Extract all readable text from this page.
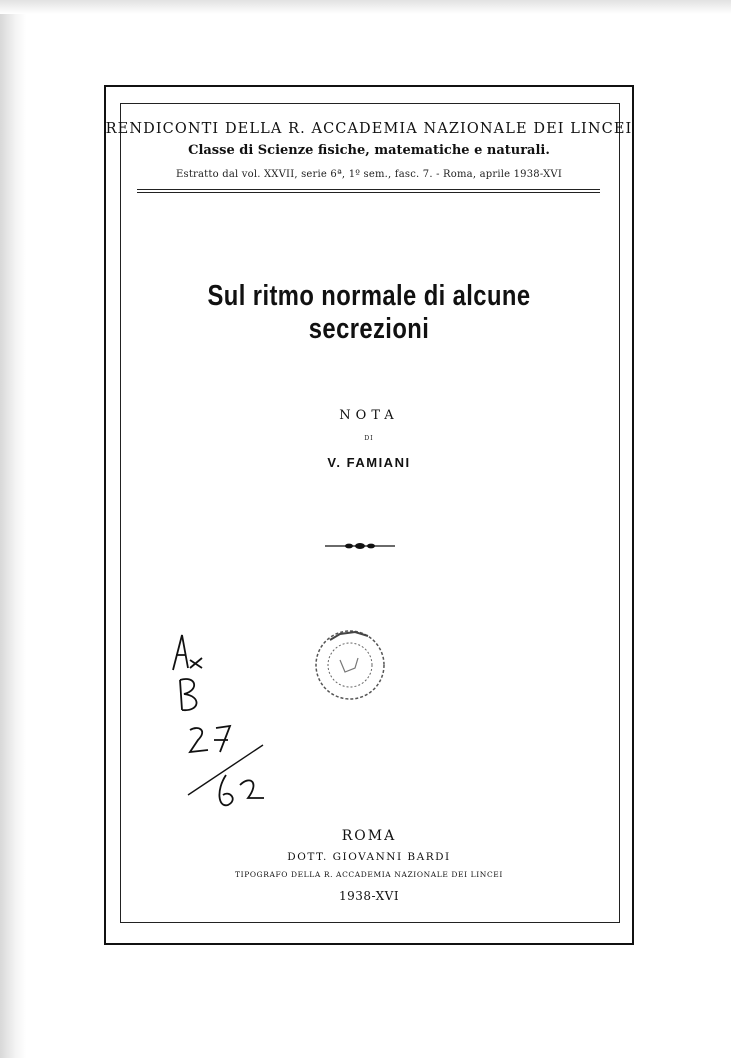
RENDICONTI DELLA R. ACCADEMIA NAZIONALE DEI LINCEI
Classe di Scienze fisiche, matematiche e naturali.
Estratto dal vol. XXVII, serie 6ª, 1º sem., fasc. 7. - Roma, aprile 1938-XVI
Sul ritmo normale di alcune secrezioni
NOTA
DI
V. FAMIANI
ROMA
DOTT. GIOVANNI BARDI
TIPOGRAFO DELLA R. ACCADEMIA NAZIONALE DEI LINCEI
1938-XVI
